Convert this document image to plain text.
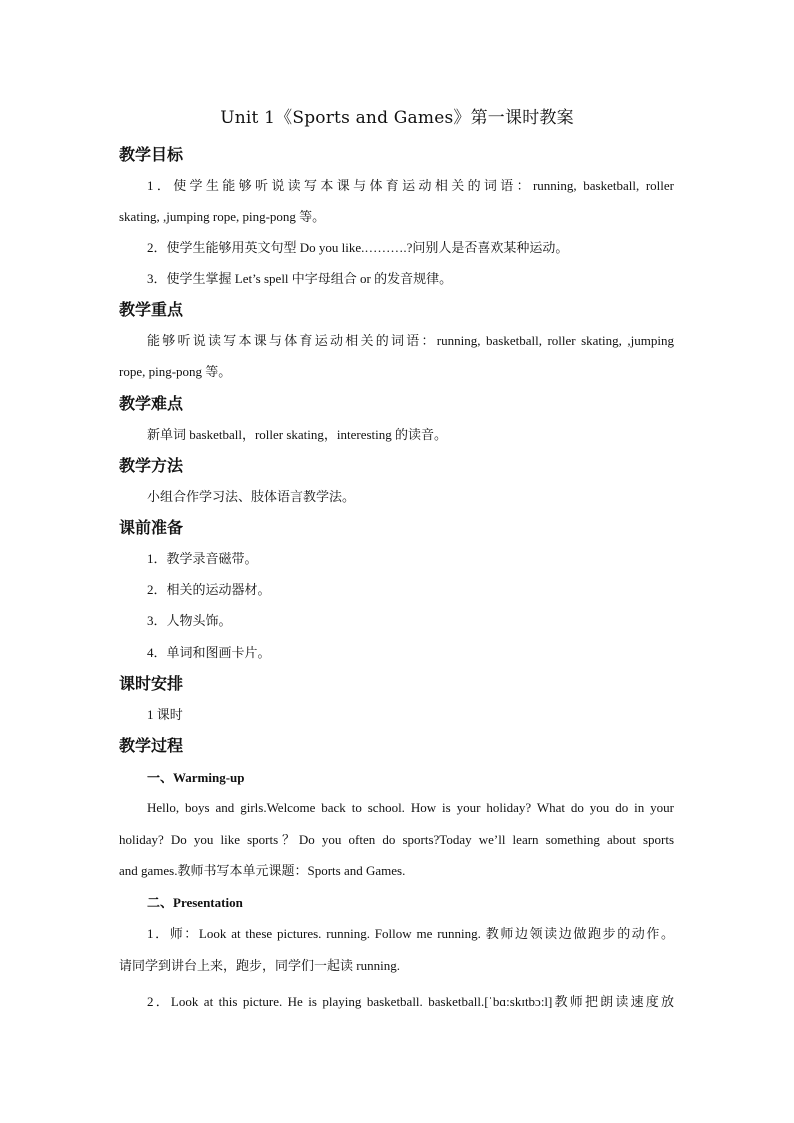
Unit 1《Sports and Games》第一课时教案
教学目标
1．使学生能够听说读写本课与体育运动相关的词语：running, basketball, roller
skating, ,jumping rope, ping-pong 等。
2．使学生能够用英文句型 Do you like.……….?问别人是否喜欢某种运动。
3．使学生掌握 Let’s spell 中字母组合 or 的发音规律。
教学重点
能够听说读写本课与体育运动相关的词语：running, basketball, roller skating, ,jumping
rope, ping-pong 等。
教学难点
新单词 basketball，roller skating，interesting 的读音。
教学方法
小组合作学习法、肢体语言教学法。
课前准备
1．教学录音磁带。
2．相关的运动器材。
3．人物头饰。
4．单词和图画卡片。
课时安排
1 课时
教学过程
一、Warming-up
Hello, boys and girls.Welcome back to school. How is your holiday? What do you do in your
holiday? Do you like sports？Do you often do sports?Today we’ll learn something about sports
and games.教师书写本单元课题：Sports and Games.
二、Presentation
1．师：Look at these pictures. running. Follow me running. 教师边领读边做跑步的动作。
请同学到讲台上来，跑步，同学们一起读 running.
2．Look at this picture. He is playing basketball. basketball.[ˈbɑ:skɪtbɔ:l]教师把朗读速度放
